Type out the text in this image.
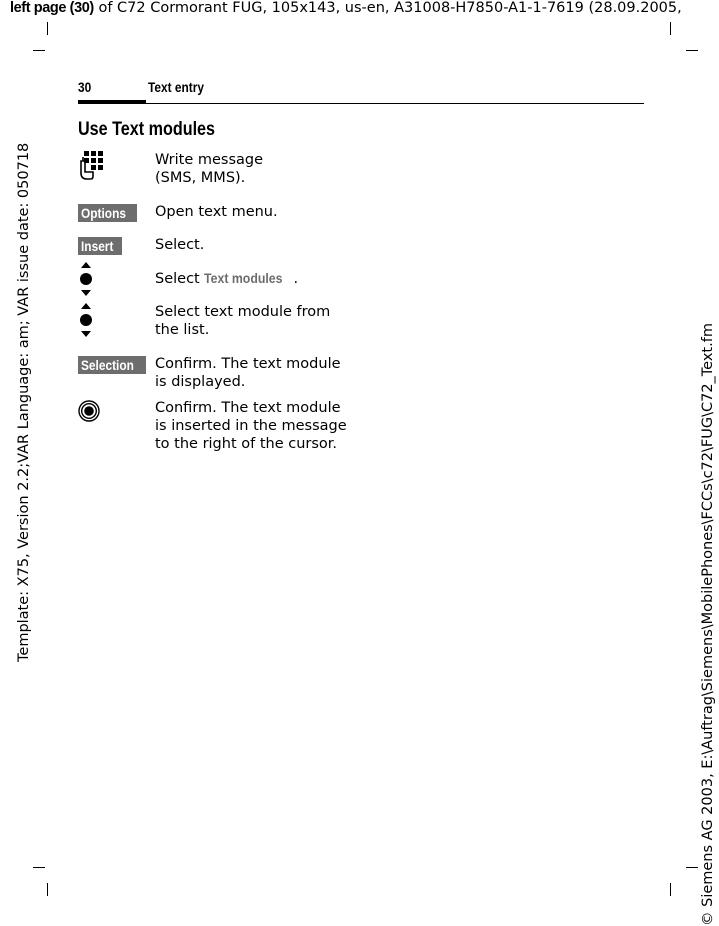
left page (30) of C72 Cormorant FUG, 105x143, us-en, A31008-H7850-A1-1-7619 (28.09.2005,
Template: X75, Version 2.2;VAR Language: am; VAR issue date: 050718	© Siemens AG 2003, E:\Auftrag\Siemens\MobilePhones\FCCs\c72\FUG\C72_Text.fm
30	Text entry
Use Text modules
Write message
(SMS, MMS).
Options	Open text menu.
Insert	Select.
Select Text modules .
Select text module from
the list.
Selection	Confirm. The text module
is displayed.
Confirm. The text module
is inserted in the message
to the right of the cursor.
